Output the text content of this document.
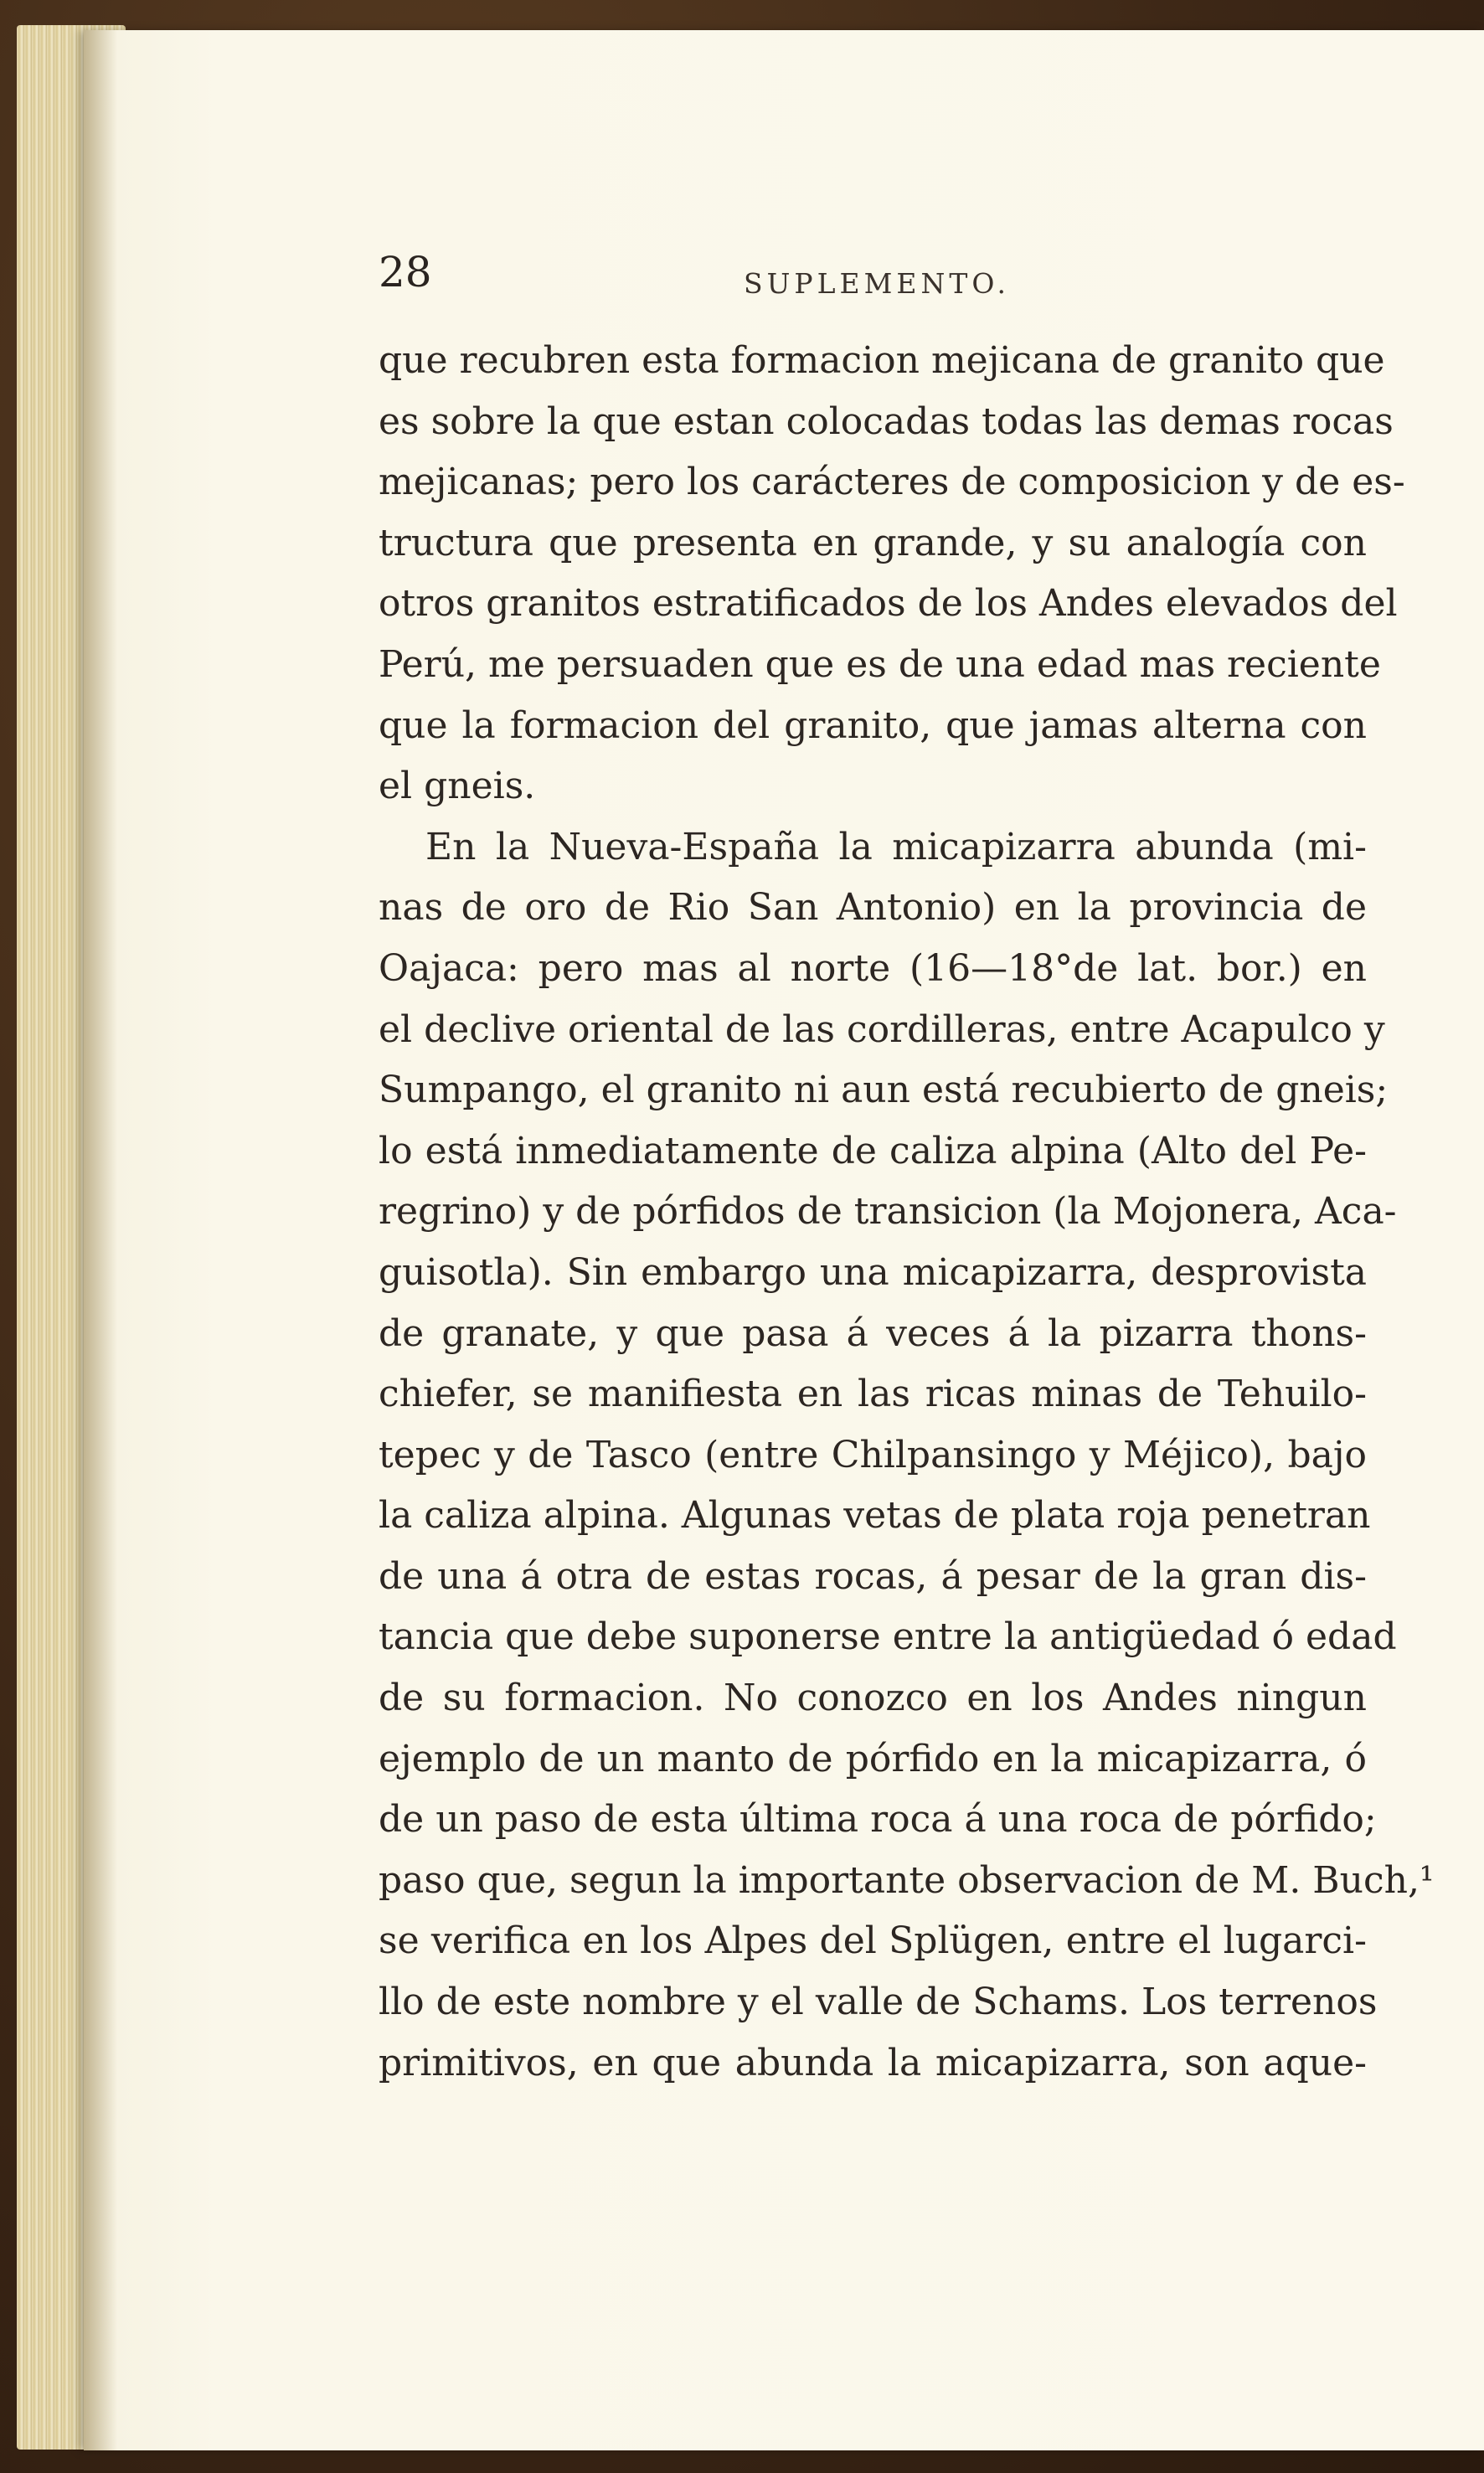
28	SUPLEMENTO.
que recubren esta formacion mejicana de granito que
es sobre la que estan colocadas todas las demas rocas
mejicanas; pero los carácteres de composicion y de es-
tructura que presenta en grande, y su analogía con
otros granitos estratificados de los Andes elevados del
Perú, me persuaden que es de una edad mas reciente
que la formacion del granito, que jamas alterna con
el gneis.
En la Nueva-España la micapizarra abunda (mi-
nas de oro de Rio San Antonio) en la provincia de
Oajaca: pero mas al norte (16—18°de lat. bor.) en
el declive oriental de las cordilleras, entre Acapulco y
Sumpango, el granito ni aun está recubierto de gneis;
lo está inmediatamente de caliza alpina (Alto del Pe-
regrino) y de pórfidos de transicion (la Mojonera, Aca-
guisotla). Sin embargo una micapizarra, desprovista
de granate, y que pasa á veces á la pizarra thons-
chiefer, se manifiesta en las ricas minas de Tehuilo-
tepec y de Tasco (entre Chilpansingo y Méjico), bajo
la caliza alpina. Algunas vetas de plata roja penetran
de una á otra de estas rocas, á pesar de la gran dis-
tancia que debe suponerse entre la antigüedad ó edad
de su formacion. No conozco en los Andes ningun
ejemplo de un manto de pórfido en la micapizarra, ó
de un paso de esta última roca á una roca de pórfido;
paso que, segun la importante observacion de M. Buch,¹
se verifica en los Alpes del Splügen, entre el lugarci-
llo de este nombre y el valle de Schams. Los terrenos
primitivos, en que abunda la micapizarra, son aque-
